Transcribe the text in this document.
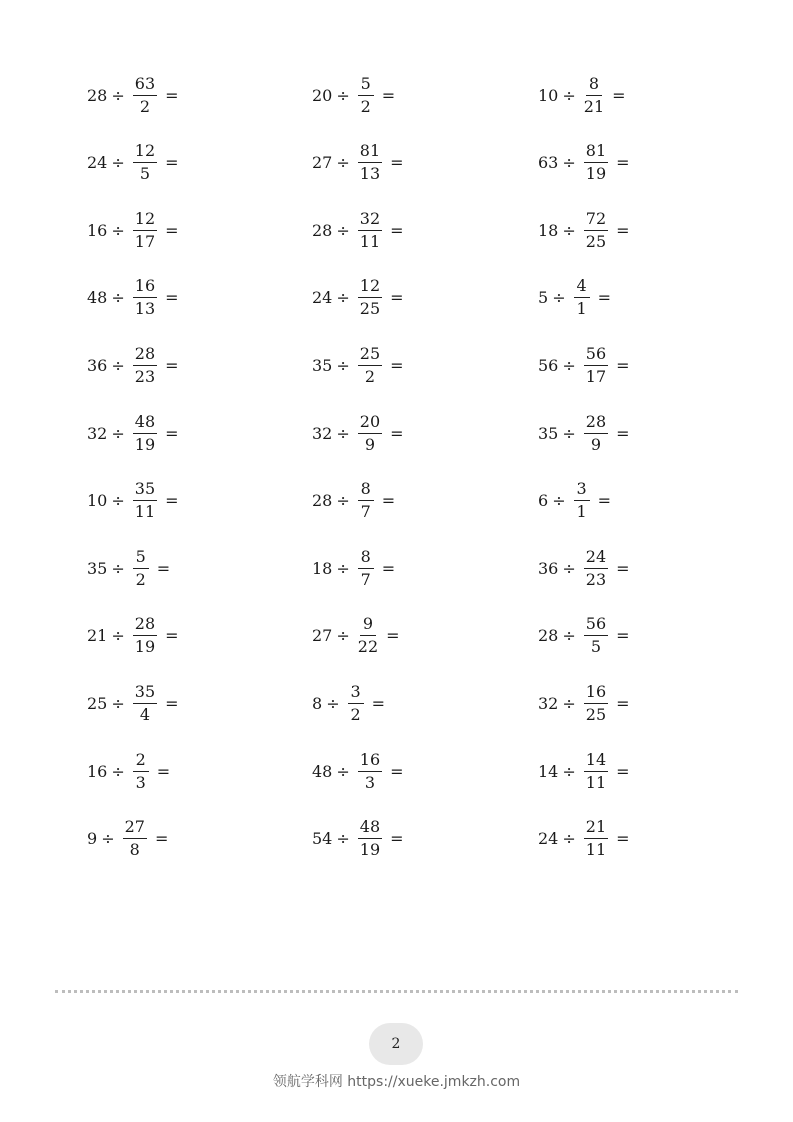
$28 \div \frac{63}{2}$ =	$20 \div \frac{5}{2}$ =	$10 \div \frac{8}{21}$ =
$24 \div \frac{12}{5}$ =	$27 \div \frac{81}{13}$ =	$63 \div \frac{81}{19}$ =
$16 \div \frac{12}{17}$ =	$28 \div \frac{32}{11}$ =	$18 \div \frac{72}{25}$ =
$48 \div \frac{16}{13}$ =	$24 \div \frac{12}{25}$ =	$5 \div \frac{4}{1}$ =
$36 \div \frac{28}{23}$ =	$35 \div \frac{25}{2}$ =	$56 \div \frac{56}{17}$ =
$32 \div \frac{48}{19}$ =	$32 \div \frac{20}{9}$ =	$35 \div \frac{28}{9}$ =
$10 \div \frac{35}{11}$ =	$28 \div \frac{8}{7}$ =	$6 \div \frac{3}{1}$ =
$35 \div \frac{5}{2}$ =	$18 \div \frac{8}{7}$ =	$36 \div \frac{24}{23}$ =
$21 \div \frac{28}{19}$ =	$27 \div \frac{9}{22}$ =	$28 \div \frac{56}{5}$ =
$25 \div \frac{35}{4}$ =	$8 \div \frac{3}{2}$ =	$32 \div \frac{16}{25}$ =
$16 \div \frac{2}{3}$ =	$48 \div \frac{16}{3}$ =	$14 \div \frac{14}{11}$ =
$9 \div \frac{27}{8}$ =	$54 \div \frac{48}{19}$ =	$24 \div \frac{21}{11}$ =
2
领航学科网 https://xueke.jmkzh.com
